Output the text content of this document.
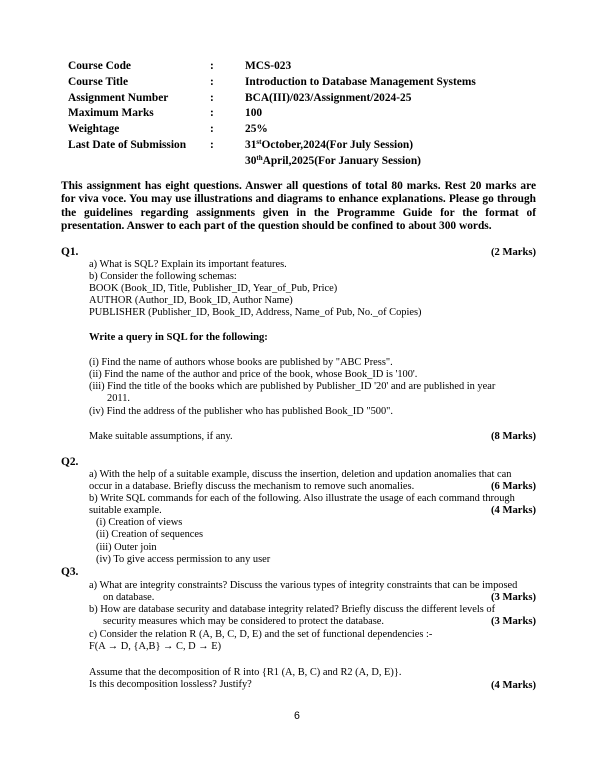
Course Code	:	MCS-023
Course Title	:	Introduction to Database Management Systems
Assignment Number	:	BCA(III)/023/Assignment/2024-25
Maximum Marks	:	100
Weightage	:	25%
Last Date of Submission :	31stOctober,2024(For July Session)
30thApril,2025(For January Session)
This assignment has eight questions. Answer all questions of total 80 marks. Rest 20 marks are for viva voce. You may use illustrations and diagrams to enhance explanations. Please go through the guidelines regarding assignments given in the Programme Guide for the format of presentation. Answer to each part of the question should be confined to about 300 words.
Q1.	(2 Marks)
a) What is SQL? Explain its important features.
b) Consider the following schemas:
BOOK (Book_ID, Title, Publisher_ID, Year_of_Pub, Price)
AUTHOR (Author_ID, Book_ID, Author Name)
PUBLISHER (Publisher_ID, Book_ID, Address, Name_of Pub, No._of Copies)
Write a query in SQL for the following:
(i) Find the name of authors whose books are published by "ABC Press".
(ii) Find the name of the author and price of the book, whose Book_ID is '100'.
(iii) Find the title of the books which are published by Publisher_ID '20' and are published in year
2011.
(iv) Find the address of the publisher who has published Book_ID "500".
Make suitable assumptions, if any.	(8 Marks)
Q2.
a) With the help of a suitable example, discuss the insertion, deletion and updation anomalies that can
occur in a database. Briefly discuss the mechanism to remove such anomalies.	(6 Marks)
b) Write SQL commands for each of the following. Also illustrate the usage of each command through
suitable example.	(4 Marks)
(i) Creation of views
(ii) Creation of sequences
(iii) Outer join
(iv) To give access permission to any user
Q3.
a) What are integrity constraints? Discuss the various types of integrity constraints that can be imposed
on database.	(3 Marks)
b) How are database security and database integrity related? Briefly discuss the different levels of
security measures which may be considered to protect the database.	(3 Marks)
c) Consider the relation R (A, B, C, D, E) and the set of functional dependencies :-
F(A → D, {A,B} → C, D → E)
Assume that the decomposition of R into {R1 (A, B, C) and R2 (A, D, E)}.
Is this decomposition lossless? Justify?	(4 Marks)
6
